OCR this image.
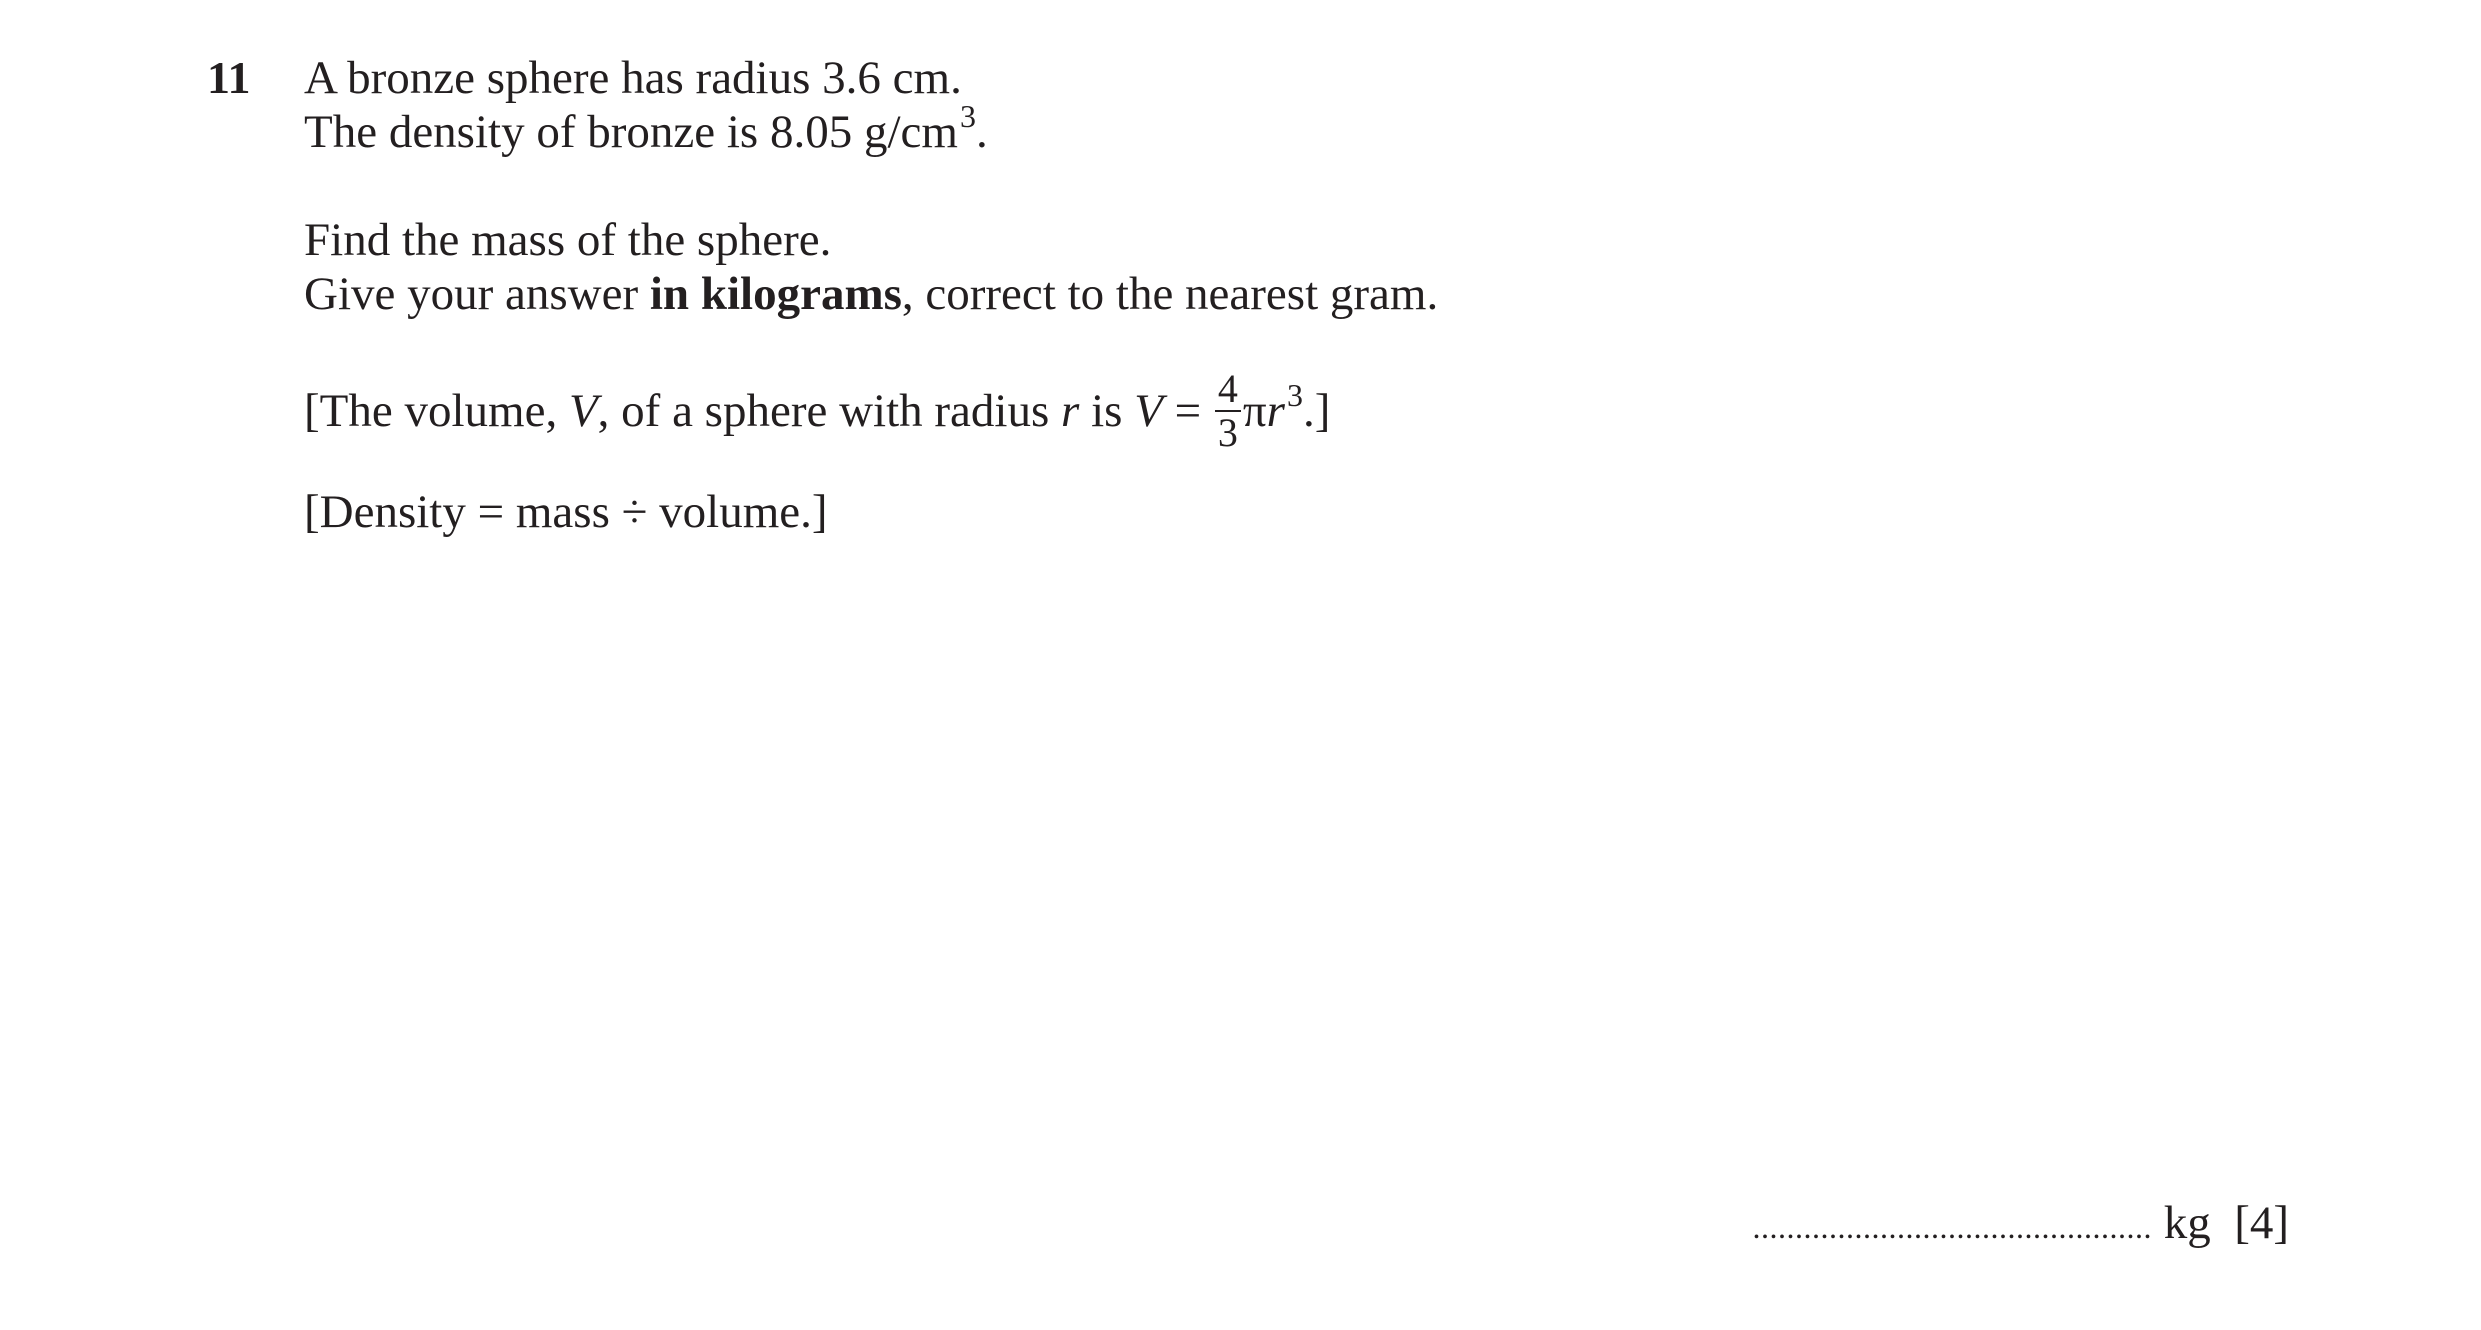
11 A bronze sphere has radius 3.6 cm.
The density of bronze is 8.05 $g/cm^3$.
Find the mass of the sphere.
Give your answer in kilograms, correct to the nearest gram.
[The volume, V, of a sphere with radius r is $V = \frac{4}{3} \pi r^3$.]
[Density = mass ÷ volume.]
............................................... kg [4]
